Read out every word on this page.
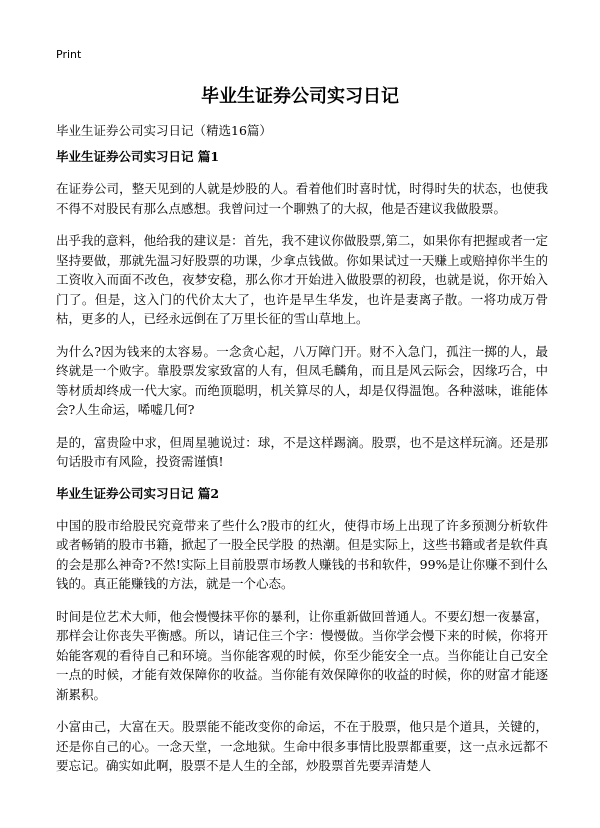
Print
毕业生证券公司实习日记

毕业生证券公司实习日记（精选16篇）

毕业生证券公司实习日记 篇1

在证券公司，整天见到的人就是炒股的人。看着他们时喜时忧，时得时失的状态，也使我不得不对股民有那么点感想。我曾问过一个聊熟了的大叔，他是否建议我做股票。

出乎我的意料，他给我的建议是：首先，我不建议你做股票,第二，如果你有把握或者一定坚持要做，那就先温习好股票的功课，少拿点钱做。你如果试过一天赚上或赔掉你半生的工资收入而面不改色，夜梦安稳，那么你才开始进入做股票的初段，也就是说，你开始入门了。但是，这入门的代价太大了，也许是早生华发，也许是妻离子散。一将功成万骨枯，更多的人，已经永远倒在了万里长征的雪山草地上。

为什么?因为钱来的太容易。一念贪心起，八万障门开。财不入急门，孤注一掷的人，最终就是一个败字。靠股票发家致富的人有，但凤毛麟角，而且是风云际会，因缘巧合，中等材质却终成一代大家。而绝顶聪明，机关算尽的人，却是仅得温饱。各种滋味，谁能体会?人生命运，唏嘘几何?

是的，富贵险中求，但周星驰说过：球，不是这样踢滴。股票，也不是这样玩滴。还是那句话股市有风险，投资需谨慎!

毕业生证券公司实习日记 篇2

中国的股市给股民究竟带来了些什么?股市的红火，使得市场上出现了许多预测分析软件或者畅销的股市书籍，掀起了一股全民学股 的热潮。但是实际上，这些书籍或者是软件真的会是那么神奇?不然!实际上目前股票市场教人赚钱的书和软件，99%是让你赚不到什么钱的。真正能赚钱的方法，就是一个心态。

时间是位艺术大师，他会慢慢抹平你的暴利，让你重新做回普通人。不要幻想一夜暴富，那样会让你丧失平衡感。所以，请记住三个字：慢慢做。当你学会慢下来的时候，你将开始能客观的看待自己和环境。当你能客观的时候，你至少能安全一点。当你能让自己安全一点的时候，才能有效保障你的收益。当你能有效保障你的收益的时候，你的财富才能逐渐累积。

小富由己，大富在天。股票能不能改变你的命运，不在于股票，他只是个道具，关键的，还是你自己的心。一念天堂，一念地狱。生命中很多事情比股票都重要，这一点永远都不要忘记。确实如此啊，股票不是人生的全部，炒股票首先要弄清楚人
